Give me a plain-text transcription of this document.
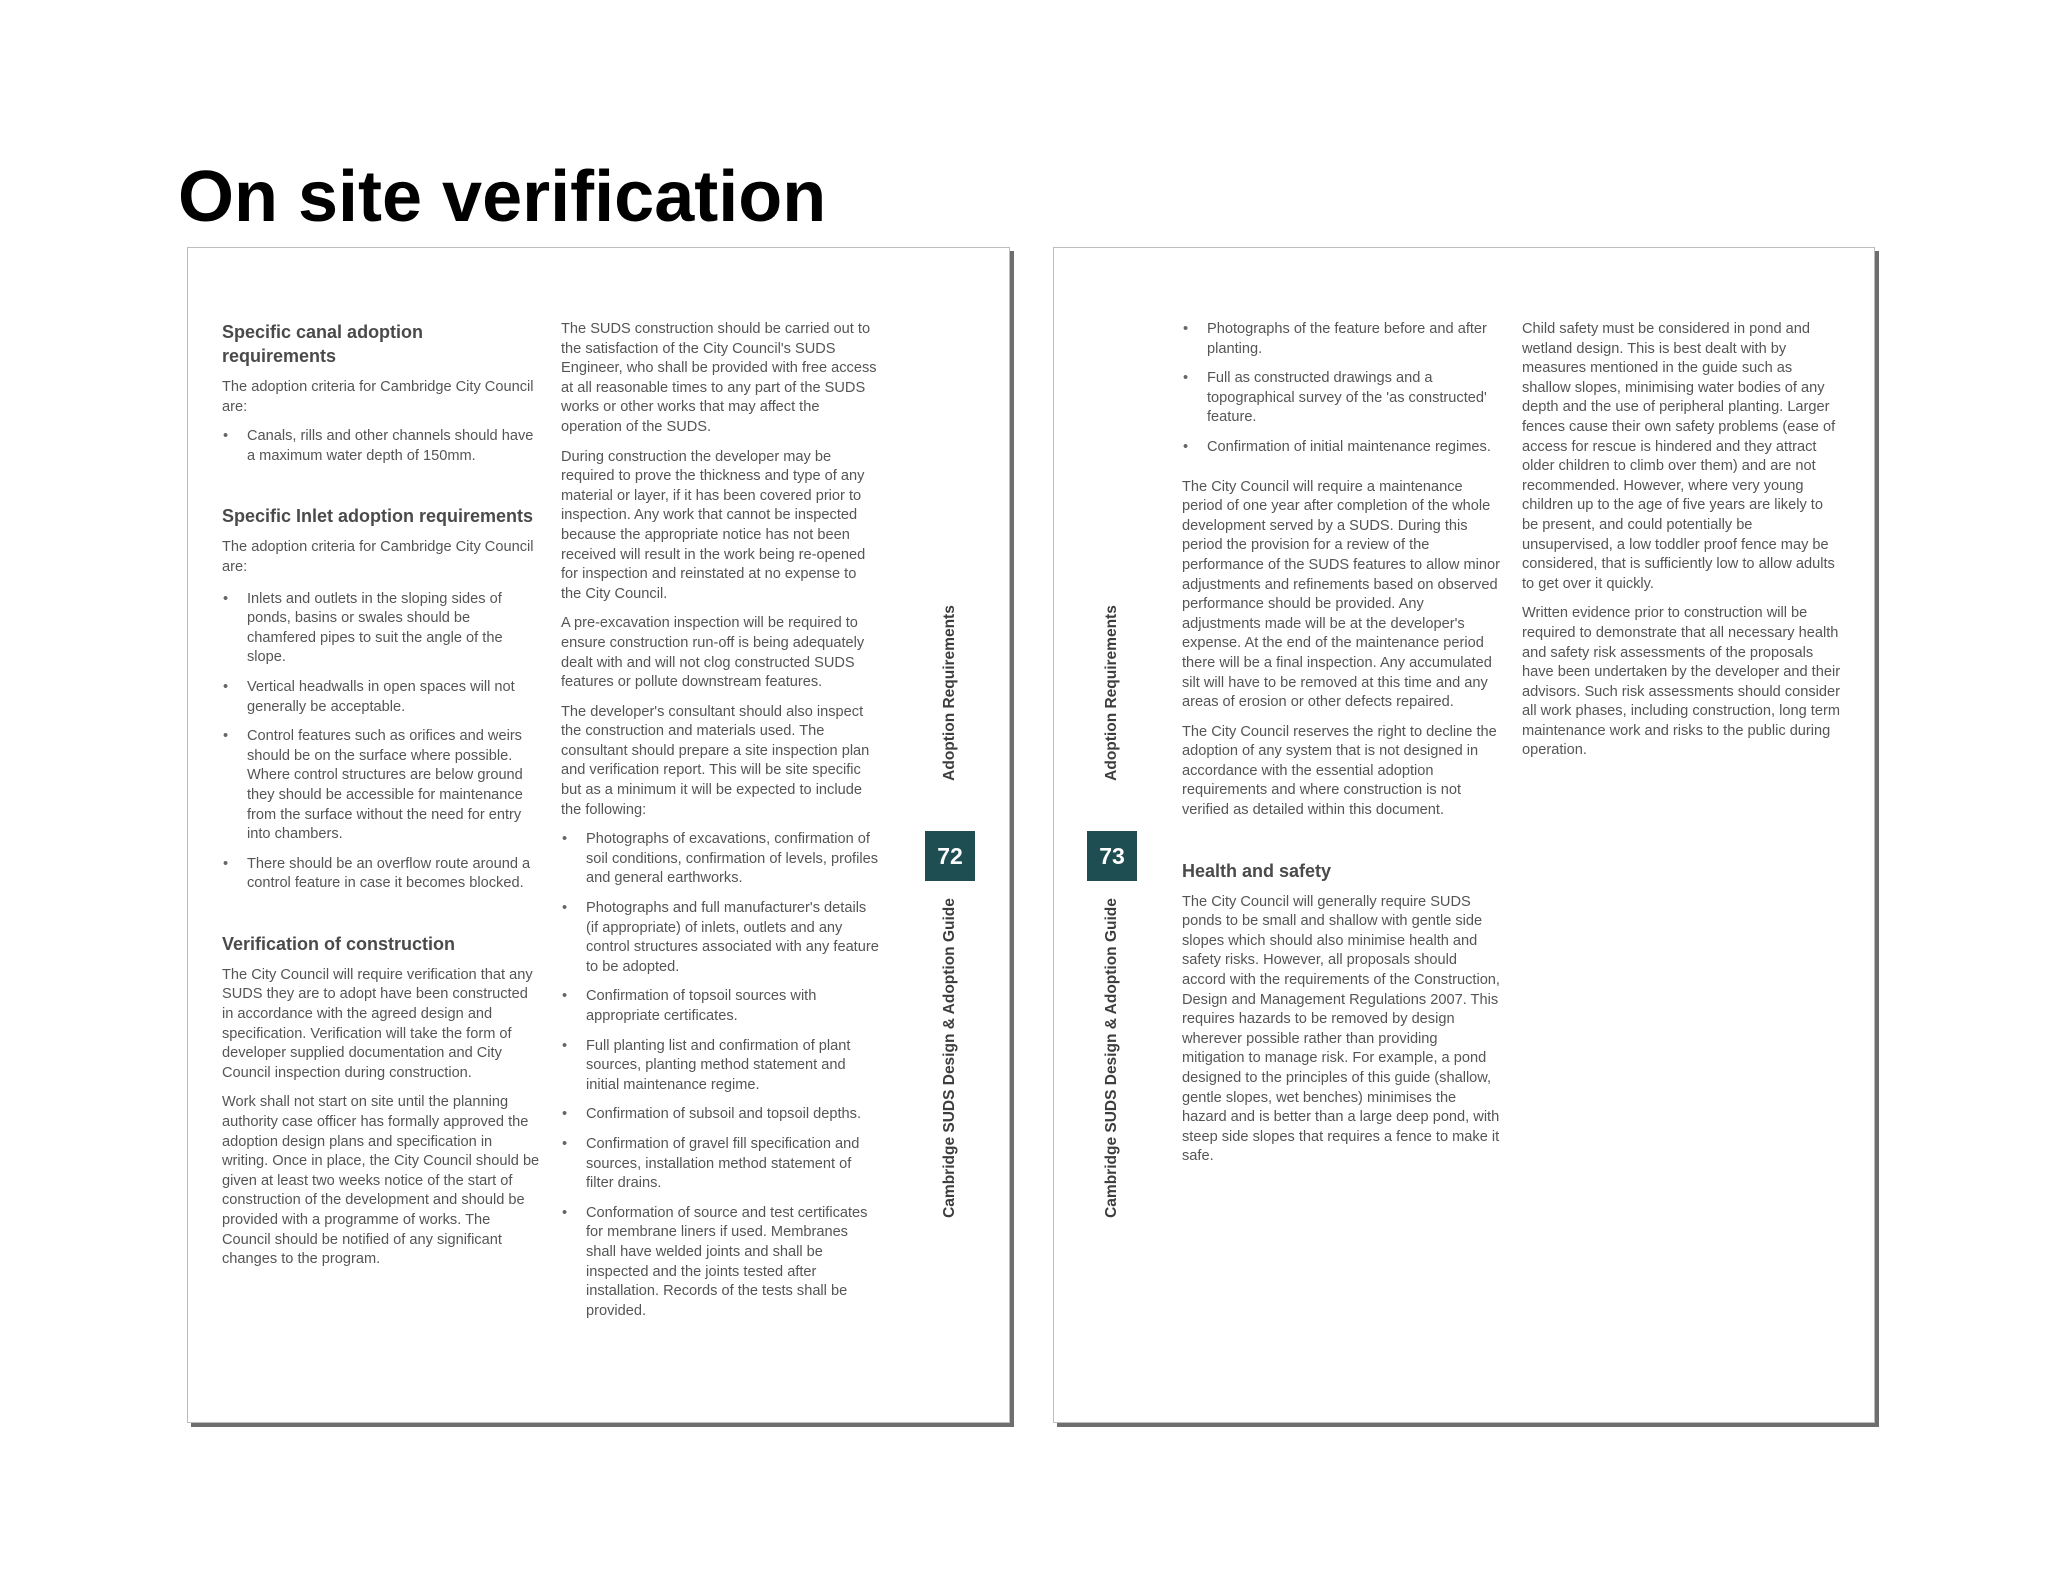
On site verification
Specific canal adoption requirements

The adoption criteria for Cambridge City Council are:

• Canals, rills and other channels should have a maximum water depth of 150mm.
Specific Inlet adoption requirements

The adoption criteria for Cambridge City Council are:

• Inlets and outlets in the sloping sides of ponds, basins or swales should be chamfered pipes to suit the angle of the slope.
• Vertical headwalls in open spaces will not generally be acceptable.
• Control features such as orifices and weirs should be on the surface where possible. Where control structures are below ground they should be accessible for maintenance from the surface without the need for entry into chambers.
• There should be an overflow route around a control feature in case it becomes blocked.
Verification of construction

The City Council will require verification that any SUDS they are to adopt have been constructed in accordance with the agreed design and specification. Verification will take the form of developer supplied documentation and City Council inspection during construction.

Work shall not start on site until the planning authority case officer has formally approved the adoption design plans and specification in writing. Once in place, the City Council should be given at least two weeks notice of the start of construction of the development and should be provided with a programme of works. The Council should be notified of any significant changes to the program.

The SUDS construction should be carried out to the satisfaction of the City Council's SUDS Engineer, who shall be provided with free access at all reasonable times to any part of the SUDS works or other works that may affect the operation of the SUDS.

During construction the developer may be required to prove the thickness and type of any material or layer, if it has been covered prior to inspection. Any work that cannot be inspected because the appropriate notice has not been received will result in the work being re-opened for inspection and reinstated at no expense to the City Council.

A pre-excavation inspection will be required to ensure construction run-off is being adequately dealt with and will not clog constructed SUDS features or pollute downstream features.

The developer's consultant should also inspect the construction and materials used. The consultant should prepare a site inspection plan and verification report. This will be site specific but as a minimum it will be expected to include the following:

• Photographs of excavations, confirmation of soil conditions, confirmation of levels, profiles and general earthworks.
• Photographs and full manufacturer's details (if appropriate) of inlets, outlets and any control structures associated with any feature to be adopted.
• Confirmation of topsoil sources with appropriate certificates.
• Full planting list and confirmation of plant sources, planting method statement and initial maintenance regime.
• Confirmation of subsoil and topsoil depths.
• Confirmation of gravel fill specification and sources, installation method statement of filter drains.
• Conformation of source and test certificates for membrane liners if used. Membranes shall have welded joints and shall be inspected and the joints tested after installation. Records of the tests shall be provided.
Adoption Requirements
72
Cambridge SUDS Design & Adoption Guide
Adoption Requirements
73
Cambridge SUDS Design & Adoption Guide
• Photographs of the feature before and after planting.
• Full as constructed drawings and a topographical survey of the 'as constructed' feature.
• Confirmation of initial maintenance regimes.

The City Council will require a maintenance period of one year after completion of the whole development served by a SUDS. During this period the provision for a review of the performance of the SUDS features to allow minor adjustments and refinements based on observed performance should be provided. Any adjustments made will be at the developer's expense. At the end of the maintenance period there will be a final inspection. Any accumulated silt will have to be removed at this time and any areas of erosion or other defects repaired.

The City Council reserves the right to decline the adoption of any system that is not designed in accordance with the essential adoption requirements and where construction is not verified as detailed within this document.

Health and safety

The City Council will generally require SUDS ponds to be small and shallow with gentle side slopes which should also minimise health and safety risks. However, all proposals should accord with the requirements of the Construction, Design and Management Regulations 2007. This requires hazards to be removed by design wherever possible rather than providing mitigation to manage risk. For example, a pond designed to the principles of this guide (shallow, gentle slopes, wet benches) minimises the hazard and is better than a large deep pond, with steep side slopes that requires a fence to make it safe.

Child safety must be considered in pond and wetland design. This is best dealt with by measures mentioned in the guide such as shallow slopes, minimising water bodies of any depth and the use of peripheral planting. Larger fences cause their own safety problems (ease of access for rescue is hindered and they attract older children to climb over them) and are not recommended. However, where very young children up to the age of five years are likely to be present, and could potentially be unsupervised, a low toddler proof fence may be considered, that is sufficiently low to allow adults to get over it quickly.

Written evidence prior to construction will be required to demonstrate that all necessary health and safety risk assessments of the proposals have been undertaken by the developer and their advisors. Such risk assessments should consider all work phases, including construction, long term maintenance work and risks to the public during operation.
